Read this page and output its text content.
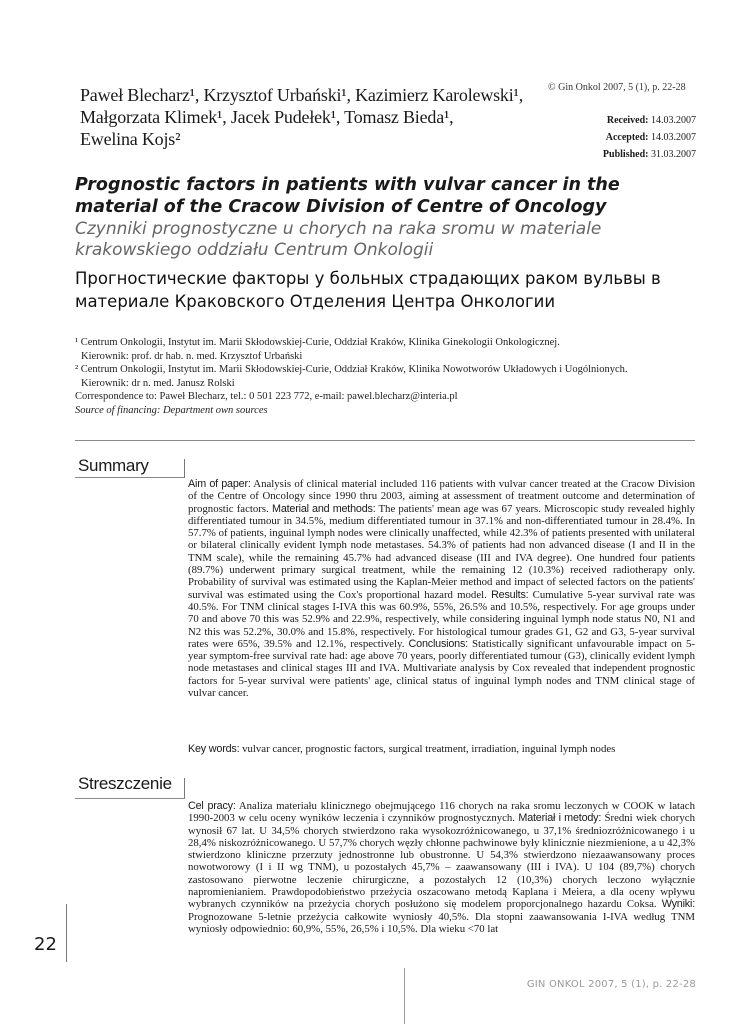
Paweł Blecharz¹, Krzysztof Urbański¹, Kazimierz Karolewski¹,
Małgorzata Klimek¹, Jacek Pudełek¹, Tomasz Bieda¹,
Ewelina Kojs²
© Gin Onkol 2007, 5 (1), p. 22-28
Received: 14.03.2007
Accepted: 14.03.2007
Published: 31.03.2007
Prognostic factors in patients with vulvar cancer in the material of the Cracow Division of Centre of Oncology
Czynniki prognostyczne u chorych na raka sromu w materiale krakowskiego oddziału Centrum Onkologii
Прогностические факторы у больных страдающих раком вульвы в материале Краковского Отделения Центра Онкологии
¹ Centrum Onkologii, Instytut im. Marii Skłodowskiej-Curie, Oddział Kraków, Klinika Ginekologii Onkologicznej.
Kierownik: prof. dr hab. n. med. Krzysztof Urbański
² Centrum Onkologii, Instytut im. Marii Skłodowskiej-Curie, Oddział Kraków, Klinika Nowotworów Układowych i Uogólnionych.
Kierownik: dr n. med. Janusz Rolski
Correspondence to: Paweł Blecharz, tel.: 0 501 223 772, e-mail: pawel.blecharz@interia.pl
Source of financing: Department own sources
Summary
Aim of paper: Analysis of clinical material included 116 patients with vulvar cancer treated at the Cracow Division of the Centre of Oncology since 1990 thru 2003, aiming at assessment of treatment outcome and determination of prognostic factors. Material and methods: The patients' mean age was 67 years. Microscopic study revealed highly differentiated tumour in 34.5%, medium differentiated tumour in 37.1% and non-differentiated tumour in 28.4%. In 57.7% of patients, inguinal lymph nodes were clinically unaffected, while 42.3% of patients presented with unilateral or bilateral clinically evident lymph node metastases. 54.3% of patients had non advanced disease (I and II in the TNM scale), while the remaining 45.7% had advanced disease (III and IVA degree). One hundred four patients (89.7%) underwent primary surgical treatment, while the remaining 12 (10.3%) received radiotherapy only. Probability of survival was estimated using the Kaplan-Meier method and impact of selected factors on the patients' survival was estimated using the Cox's proportional hazard model. Results: Cumulative 5-year survival rate was 40.5%. For TNM clinical stages I-IVA this was 60.9%, 55%, 26.5% and 10.5%, respectively. For age groups under 70 and above 70 this was 52.9% and 22.9%, respectively, while considering inguinal lymph node status N0, N1 and N2 this was 52.2%, 30.0% and 15.8%, respectively. For histological tumour grades G1, G2 and G3, 5-year survival rates were 65%, 39.5% and 12.1%, respectively. Conclusions: Statistically significant unfavourable impact on 5-year symptom-free survival rate had: age above 70 years, poorly differentiated tumour (G3), clinically evident lymph node metastases and clinical stages III and IVA. Multivariate analysis by Cox revealed that independent prognostic factors for 5-year survival were patients' age, clinical status of inguinal lymph nodes and TNM clinical stage of vulvar cancer.
Key words: vulvar cancer, prognostic factors, surgical treatment, irradiation, inguinal lymph nodes
Streszczenie
Cel pracy: Analiza materiału klinicznego obejmującego 116 chorych na raka sromu leczonych w COOK w latach 1990-2003 w celu oceny wyników leczenia i czynników prognostycznych. Materiał i metody: Średni wiek chorych wynosił 67 lat. U 34,5% chorych stwierdzono raka wysokozróżnicowanego, u 37,1% średniozróżnicowanego i u 28,4% niskozróżnicowanego. U 57,7% chorych węzły chłonne pachwinowe były klinicznie niezmienione, a u 42,3% stwierdzono kliniczne przerzuty jednostronne lub obustronne. U 54,3% stwierdzono niezaawansowany proces nowotworowy (I i II wg TNM), u pozostałych 45,7% – zaawansowany (III i IVA). U 104 (89,7%) chorych zastosowano pierwotne leczenie chirurgiczne, a pozostałych 12 (10,3%) chorych leczono wyłącznie napromienianiem. Prawdopodobieństwo przeżycia oszacowano metodą Kaplana i Meiera, a dla oceny wpływu wybranych czynników na przeżycia chorych posłużono się modelem proporcjonalnego hazardu Coksa. Wyniki: Prognozowane 5-letnie przeżycia całkowite wyniosły 40,5%. Dla stopni zaawansowania I-IVA według TNM wyniosły odpowiednio: 60,9%, 55%, 26,5% i 10,5%. Dla wieku <70 lat
22
GIN ONKOL 2007, 5 (1), p. 22-28
